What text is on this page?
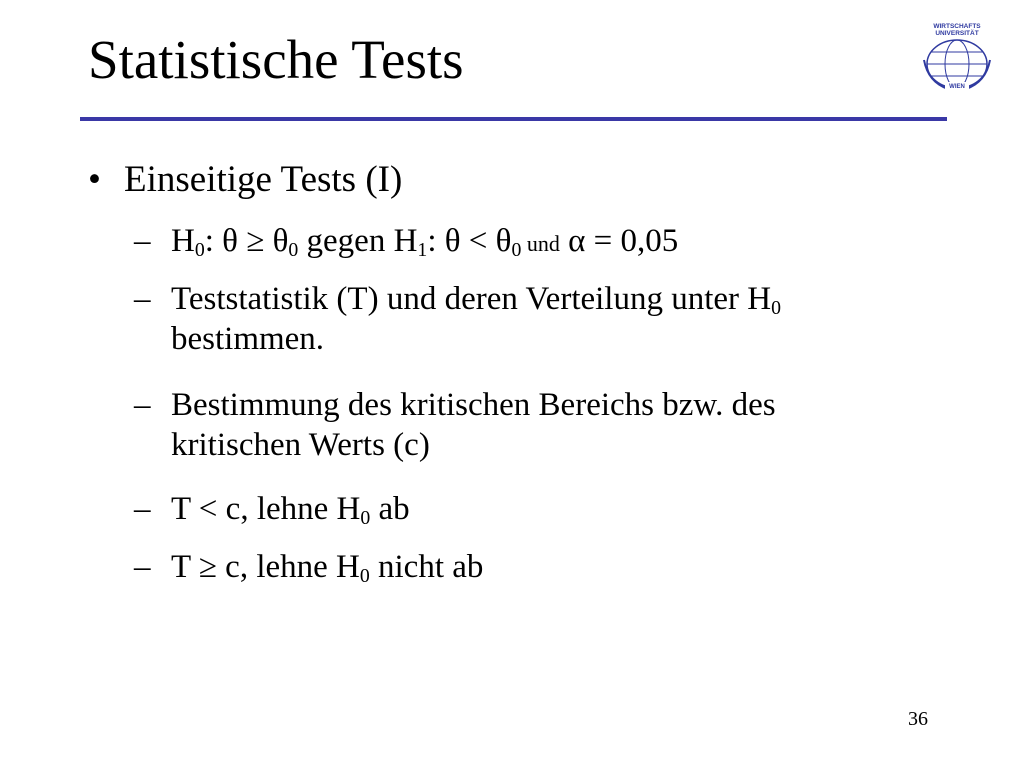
Statistische Tests
WIRTSCHAFTS
UNIVERSITÄT
WIEN
• Einseitige Tests (I)
– $H_0$: $\theta \ge \theta_0$ gegen $H_1$: $\theta < \theta_0$ und α = 0,05
– Teststatistik (T) und deren Verteilung unter $H_0$
bestimmen.
– Bestimmung des kritischen Bereichs bzw. des
kritischen Werts (c)
– T < c, lehne $H_0$ ab
– T ≥ c, lehne $H_0$ nicht ab
36
